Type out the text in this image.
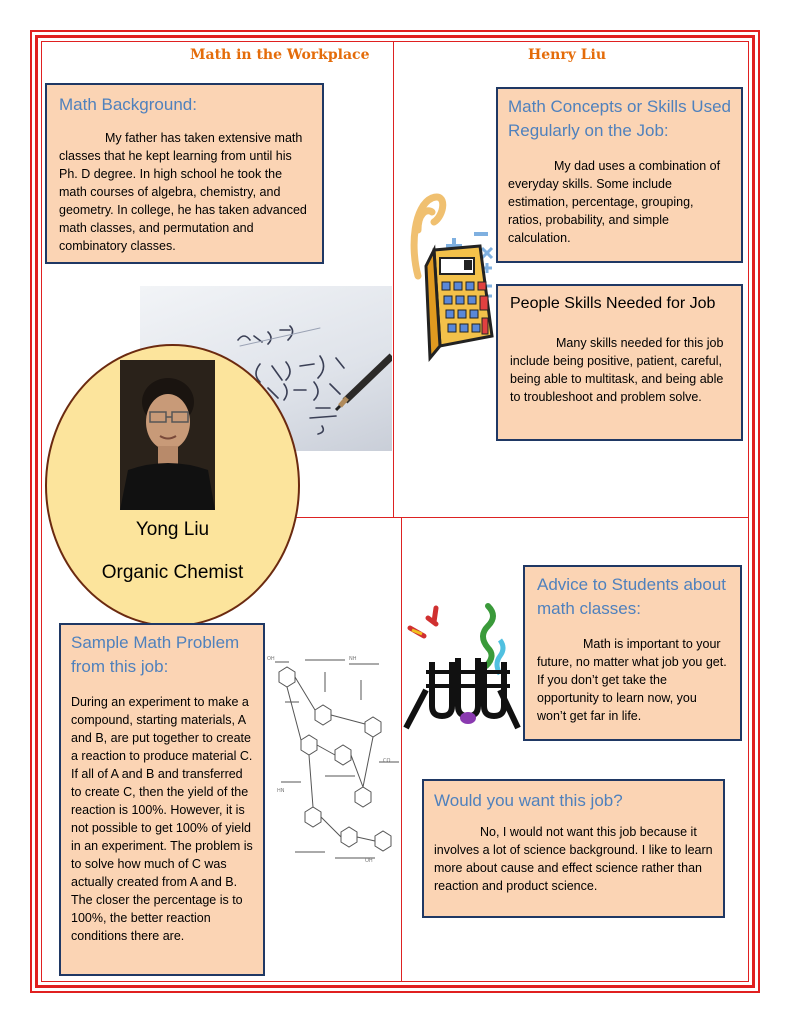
Math in the Workplace	Henry Liu
Math Background:

My father has taken extensive math classes that he kept learning from until his Ph. D degree. In high school he took the math courses of algebra, chemistry, and geometry. In college, he has taken advanced math classes, and permutation and combinatory classes.

Math Concepts or Skills Used Regularly on the Job:

My dad uses a combination of everyday skills. Some include estimation, percentage, grouping, ratios, probability, and simple calculation.

People Skills Needed for Job

Many skills needed for this job include being positive, patient, careful, being able to multitask, and being able to troubleshoot and problem solve.

Yong Liu
Organic Chemist
Advice to Students about math classes:

Math is important to your future, no matter what job you get. If you don’t get take the opportunity to learn now, you won’t get far in life.

Sample Math Problem from this job:

During an experiment to make a compound, starting materials, A and B, are put together to create a reaction to produce material C. If all of A and B and transferred to create C, then the yield of the reaction is 100%. However, it is not possible to get 100% of yield in an experiment. The problem is to solve how much of C was actually created from A and B. The closer the percentage is to 100%, the better reaction conditions there are.

OH	NH
CO
HN
OH
Would you want this job?

No, I would not want this job because it involves a lot of science background. I like to learn more about cause and effect science rather than reaction and product science.
